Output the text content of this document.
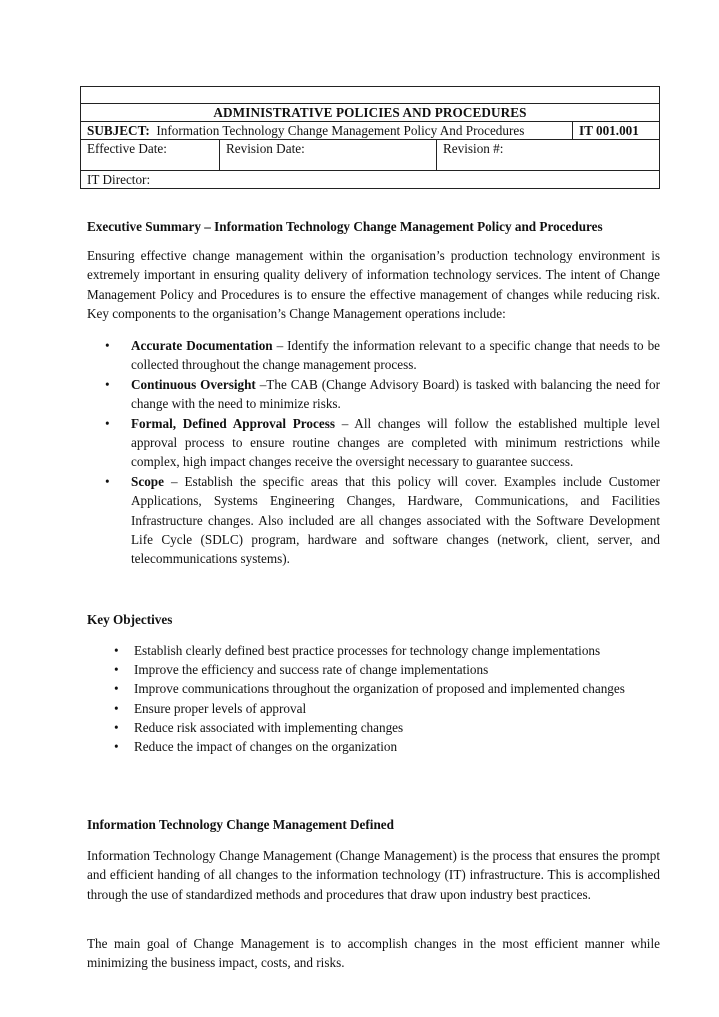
ADMINISTRATIVE POLICIES AND PROCEDURES			
SUBJECT: Information Technology Change Management Policy And Procedures			IT 001.001
Effective Date:	Revision Date:	Revision #:	
IT Director:			
Executive Summary – Information Technology Change Management Policy and Procedures
Ensuring effective change management within the organisation’s production technology environment is extremely important in ensuring quality delivery of information technology services. The intent of Change Management Policy and Procedures is to ensure the effective management of changes while reducing risk. Key components to the organisation’s Change Management operations include:
• Accurate Documentation – Identify the information relevant to a specific change that needs to be collected throughout the change management process.
• Continuous Oversight –The CAB (Change Advisory Board) is tasked with balancing the need for change with the need to minimize risks.
• Formal, Defined Approval Process – All changes will follow the established multiple level approval process to ensure routine changes are completed with minimum restrictions while complex, high impact changes receive the oversight necessary to guarantee success.
• Scope – Establish the specific areas that this policy will cover. Examples include Customer Applications, Systems Engineering Changes, Hardware, Communications, and Facilities Infrastructure changes. Also included are all changes associated with the Software Development Life Cycle (SDLC) program, hardware and software changes (network, client, server, and telecommunications systems).
Key Objectives
• Establish clearly defined best practice processes for technology change implementations
• Improve the efficiency and success rate of change implementations
• Improve communications throughout the organization of proposed and implemented changes
• Ensure proper levels of approval
• Reduce risk associated with implementing changes
• Reduce the impact of changes on the organization
Information Technology Change Management Defined
Information Technology Change Management (Change Management) is the process that ensures the prompt and efficient handing of all changes to the information technology (IT) infrastructure. This is accomplished through the use of standardized methods and procedures that draw upon industry best practices.
The main goal of Change Management is to accomplish changes in the most efficient manner while minimizing the business impact, costs, and risks.
